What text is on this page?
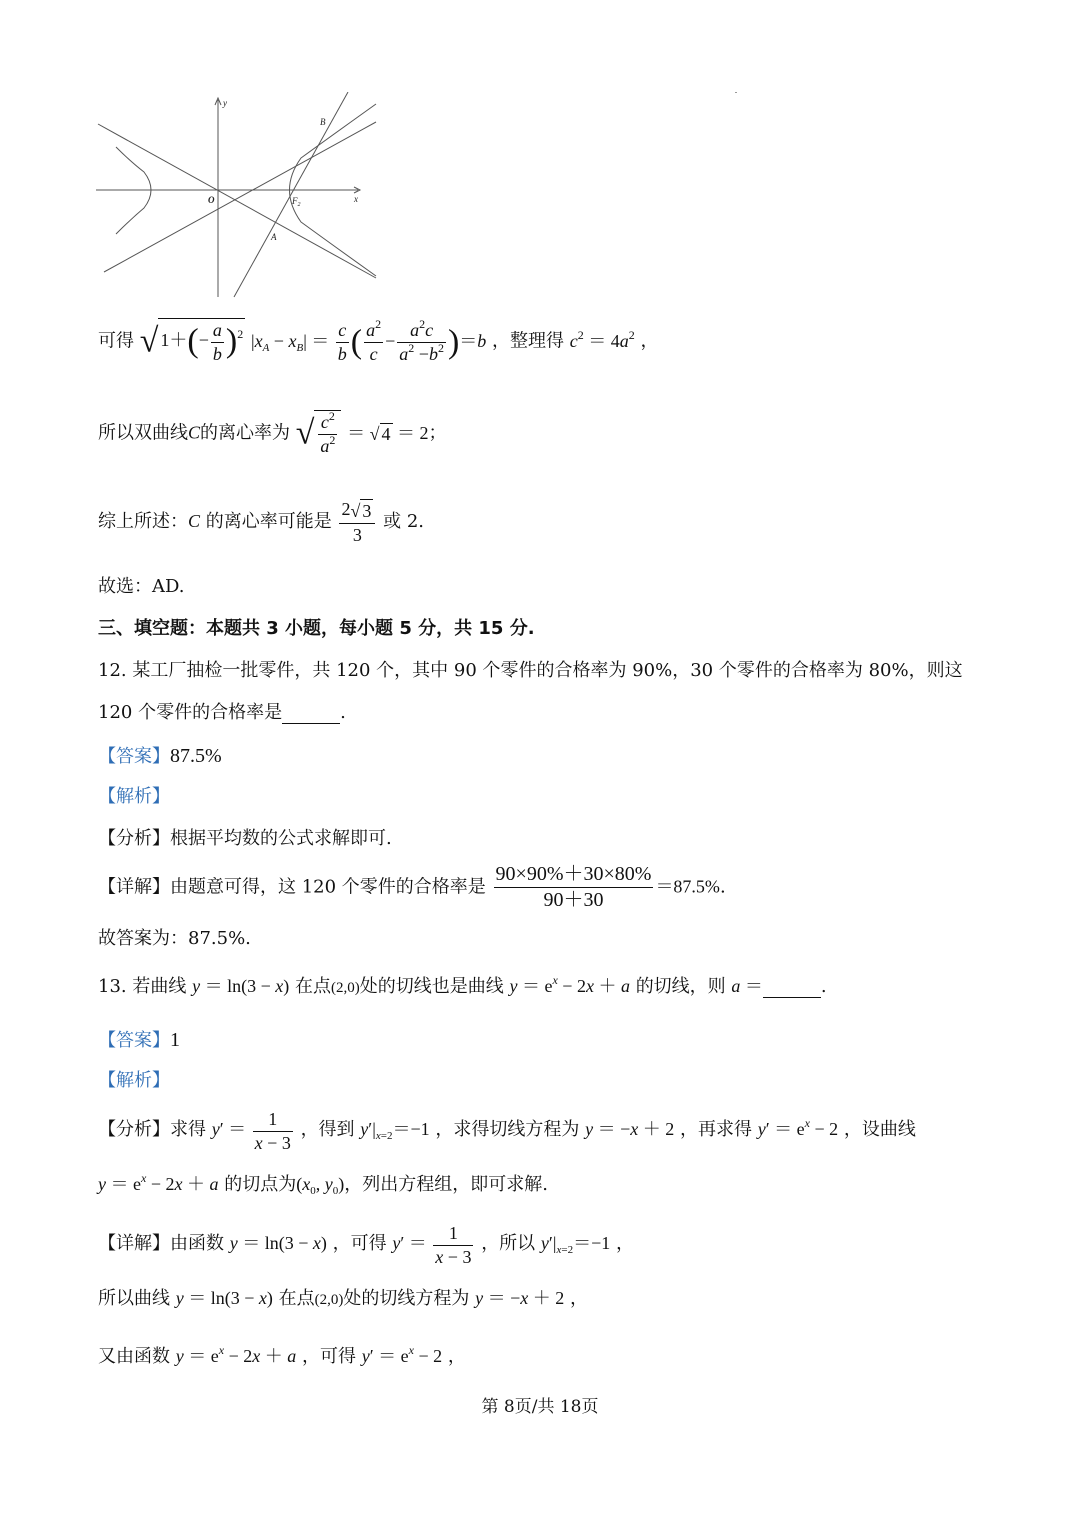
y
x
O	$F_2$
A
B
可得 √ $1+(- \frac{a}{b} )^2$ $|x_A - x_B| = \frac{c}{b}$ ( $\frac{a^2}{c} - \frac{a^2c}{a^2 -b^2} )=b$ ，整理得 $c^2 = 4a^2$ ，
所以双曲线C的离心率为 √ $\frac{c^2}{a^2}$ ＝ √ 4 ＝ 2；
综上所述：C 的离心率可能是 $\frac{2√ 3}{3}$ 或 2.
故选：AD.
三、填空题：本题共 3 小题，每小题 5 分，共 15 分.
12. 某工厂抽检一批零件，共 120 个，其中 90 个零件的合格率为 90%，30 个零件的合格率为 80%，则这
120 个零件的合格率是	.
【答案】87.5%
【解析】
【分析】根据平均数的公式求解即可.
【详解】由题意可得，这 120 个零件的合格率是 $\frac{90\times 90\%+30\times 80\%}{90+30} =87.5\%$.
故答案为：87.5%.
13. 若曲线 y ＝ ln(3 − x) 在点(2,0)处的切线也是曲线 $y = e^x - 2x + a$ 的切线，则 a ＝	.
【答案】1
【解析】
【分析】求得 $y' = \frac{1}{x - 3}$ ，得到 $y'|_{x=2}=-1$ ，求得切线方程为 y ＝ −x ＋ 2 ，再求得 $y' = e^x - 2$ ，设曲线
$y = e^x - 2x + a$ 的切点为($x_0$, $y_0$)，列出方程组，即可求解.
【详解】由函数 y ＝ ln(3 − x) ，可得 $y' = \frac{1}{x - 3}$ ，所以 $y'|_{x=2}=-1$ ，
所以曲线 y ＝ ln(3 − x) 在点(2,0)处的切线方程为 y ＝ −x ＋ 2 ，
又由函数 $y = e^x - 2x + a$ ，可得 $y' = e^x - 2$ ，
第 8页/共 18页
